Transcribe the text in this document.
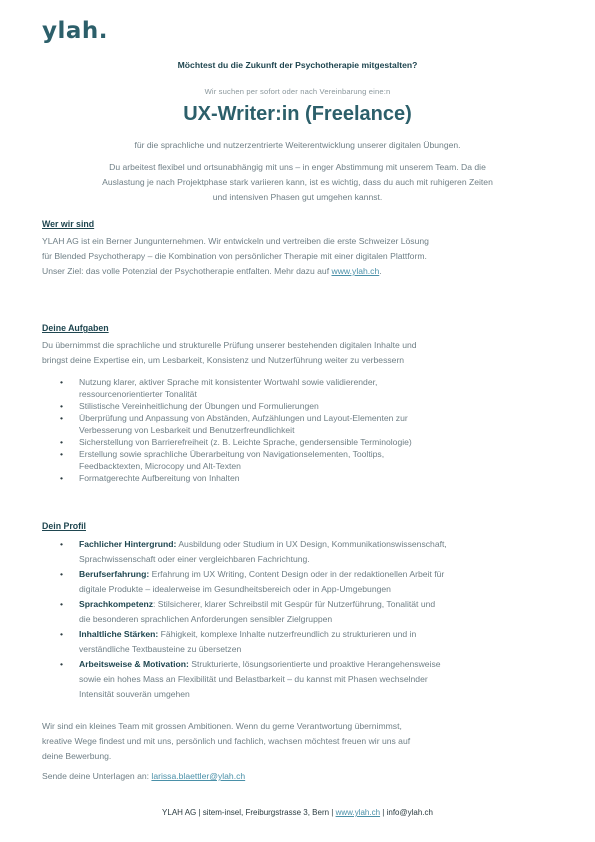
ylah.
Möchtest du die Zukunft der Psychotherapie mitgestalten?
Wir suchen per sofort oder nach Vereinbarung eine:n
UX-Writer:in (Freelance)
für die sprachliche und nutzerzentrierte Weiterentwicklung unserer digitalen Übungen.
Du arbeitest flexibel und ortsunabhängig mit uns – in enger Abstimmung mit unserem Team. Da die
Auslastung je nach Projektphase stark variieren kann, ist es wichtig, dass du auch mit ruhigeren Zeiten
und intensiven Phasen gut umgehen kannst.
Wer wir sind
YLAH AG ist ein Berner Jungunternehmen. Wir entwickeln und vertreiben die erste Schweizer Lösung
für Blended Psychotherapy – die Kombination von persönlicher Therapie mit einer digitalen Plattform.
Unser Ziel: das volle Potenzial der Psychotherapie entfalten. Mehr dazu auf www.ylah.ch.
Deine Aufgaben
Du übernimmst die sprachliche und strukturelle Prüfung unserer bestehenden digitalen Inhalte und
bringst deine Expertise ein, um Lesbarkeit, Konsistenz und Nutzerführung weiter zu verbessern
• Nutzung klarer, aktiver Sprache mit konsistenter Wortwahl sowie validierender,
ressourcenorientierter Tonalität
• Stilistische Vereinheitlichung der Übungen und Formulierungen
• Überprüfung und Anpassung von Abständen, Aufzählungen und Layout-Elementen zur
Verbesserung von Lesbarkeit und Benutzerfreundlichkeit
• Sicherstellung von Barrierefreiheit (z. B. Leichte Sprache, gendersensible Terminologie)
• Erstellung sowie sprachliche Überarbeitung von Navigationselementen, Tooltips,
Feedbacktexten, Microcopy und Alt-Texten
• Formatgerechte Aufbereitung von Inhalten
Dein Profil
• Fachlicher Hintergrund: Ausbildung oder Studium in UX Design, Kommunikationswissenschaft,
Sprachwissenschaft oder einer vergleichbaren Fachrichtung.
• Berufserfahrung: Erfahrung im UX Writing, Content Design oder in der redaktionellen Arbeit für
digitale Produkte – idealerweise im Gesundheitsbereich oder in App-Umgebungen
• Sprachkompetenz: Stilsicherer, klarer Schreibstil mit Gespür für Nutzerführung, Tonalität und
die besonderen sprachlichen Anforderungen sensibler Zielgruppen
• Inhaltliche Stärken: Fähigkeit, komplexe Inhalte nutzerfreundlich zu strukturieren und in
verständliche Textbausteine zu übersetzen
• Arbeitsweise & Motivation: Strukturierte, lösungsorientierte und proaktive Herangehensweise
sowie ein hohes Mass an Flexibilität und Belastbarkeit – du kannst mit Phasen wechselnder
Intensität souverän umgehen
Wir sind ein kleines Team mit grossen Ambitionen. Wenn du gerne Verantwortung übernimmst,
kreative Wege findest und mit uns, persönlich und fachlich, wachsen möchtest freuen wir uns auf
deine Bewerbung.
Sende deine Unterlagen an: larissa.blaettler@ylah.ch
YLAH AG | sitem-insel, Freiburgstrasse 3, Bern | www.ylah.ch | info@ylah.ch
